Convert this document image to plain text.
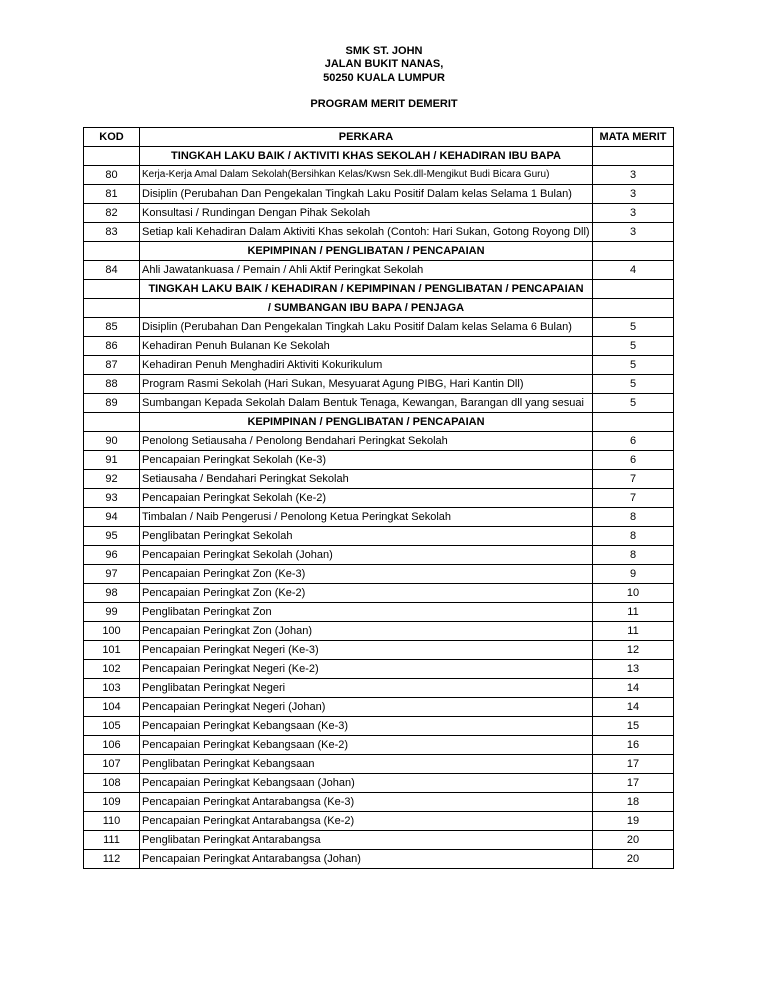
SMK ST. JOHN
JALAN BUKIT NANAS,
50250 KUALA LUMPUR
PROGRAM MERIT DEMERIT
KOD	PERKARA	MATA MERIT
	TINGKAH LAKU BAIK / AKTIVITI KHAS SEKOLAH / KEHADIRAN IBU BAPA	
80	Kerja-Kerja Amal Dalam Sekolah(Bersihkan Kelas/Kwsn Sek.dll-Mengikut Budi Bicara Guru)	3
81	Disiplin (Perubahan Dan Pengekalan Tingkah Laku Positif Dalam kelas Selama 1 Bulan)	3
82	Konsultasi / Rundingan Dengan Pihak Sekolah	3
83	Setiap kali Kehadiran Dalam Aktiviti Khas sekolah (Contoh: Hari Sukan, Gotong Royong Dll)	3
	KEPIMPINAN / PENGLIBATAN / PENCAPAIAN	
84	Ahli Jawatankuasa / Pemain / Ahli Aktif Peringkat Sekolah	4
	TINGKAH LAKU BAIK / KEHADIRAN / KEPIMPINAN / PENGLIBATAN / PENCAPAIAN	
	/ SUMBANGAN IBU BAPA / PENJAGA	
85	Disiplin (Perubahan Dan Pengekalan Tingkah Laku Positif Dalam kelas Selama 6 Bulan)	5
86	Kehadiran Penuh Bulanan Ke Sekolah	5
87	Kehadiran Penuh Menghadiri Aktiviti Kokurikulum	5
88	Program Rasmi Sekolah (Hari Sukan, Mesyuarat Agung PIBG, Hari Kantin Dll)	5
89	Sumbangan Kepada Sekolah Dalam Bentuk Tenaga, Kewangan, Barangan dll yang sesuai	5
	KEPIMPINAN / PENGLIBATAN / PENCAPAIAN	
90	Penolong Setiausaha / Penolong Bendahari Peringkat Sekolah	6
91	Pencapaian Peringkat Sekolah (Ke-3)	6
92	Setiausaha / Bendahari Peringkat Sekolah	7
93	Pencapaian Peringkat Sekolah (Ke-2)	7
94	Timbalan / Naib Pengerusi / Penolong Ketua Peringkat Sekolah	8
95	Penglibatan Peringkat Sekolah	8
96	Pencapaian Peringkat Sekolah (Johan)	8
97	Pencapaian Peringkat Zon (Ke-3)	9
98	Pencapaian Peringkat Zon (Ke-2)	10
99	Penglibatan Peringkat Zon	11
100	Pencapaian Peringkat Zon (Johan)	11
101	Pencapaian Peringkat Negeri (Ke-3)	12
102	Pencapaian Peringkat Negeri (Ke-2)	13
103	Penglibatan Peringkat Negeri	14
104	Pencapaian Peringkat Negeri (Johan)	14
105	Pencapaian Peringkat Kebangsaan (Ke-3)	15
106	Pencapaian Peringkat Kebangsaan (Ke-2)	16
107	Penglibatan Peringkat Kebangsaan	17
108	Pencapaian Peringkat Kebangsaan (Johan)	17
109	Pencapaian Peringkat Antarabangsa (Ke-3)	18
110	Pencapaian Peringkat Antarabangsa (Ke-2)	19
111	Penglibatan Peringkat Antarabangsa	20
112	Pencapaian Peringkat Antarabangsa (Johan)	20
